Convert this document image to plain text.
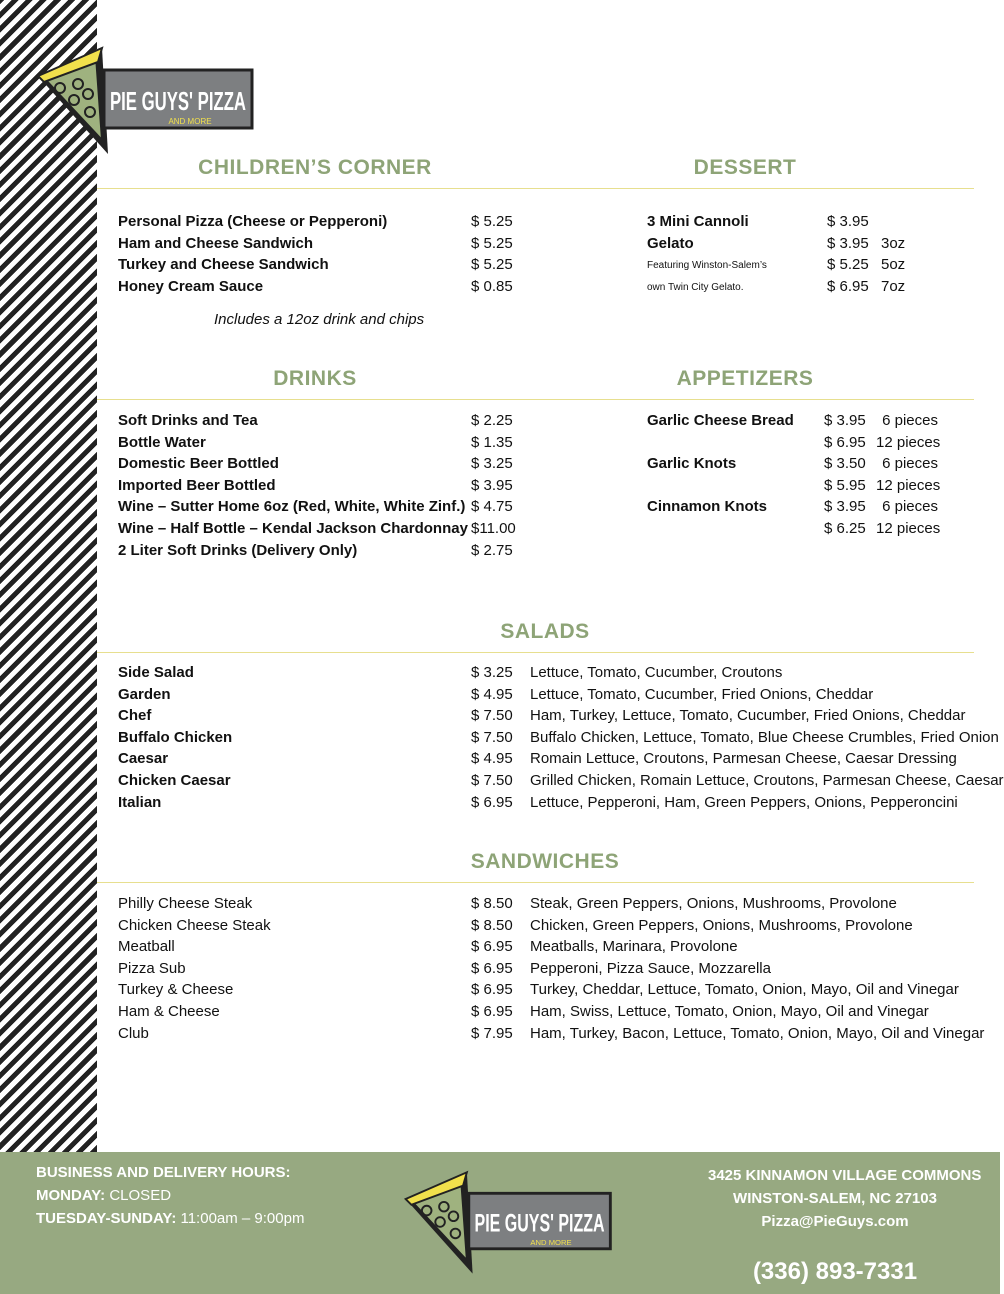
PIE GUYS' PIZZA
AND MORE
CHILDREN’S CORNER	DESSERT
DRINKS	APPETIZERS
SALADS
SANDWICHES
Personal Pizza (Cheese or Pepperoni)	$ 5.25
Ham and Cheese Sandwich	$ 5.25
Turkey and Cheese Sandwich	$ 5.25
Honey Cream Sauce	$ 0.85
3 Mini Cannoli	$ 3.95
Gelato	$ 3.95 3oz
Featuring Winston-Salem’s	$ 5.25 5oz
own Twin City Gelato.	$ 6.95 7oz
Soft Drinks and Tea	$ 2.25
Bottle Water	$ 1.35
Domestic Beer Bottled	$ 3.25
Imported Beer Bottled	$ 3.95
Wine – Sutter Home 6oz (Red, White, White Zinf.) $ 4.75
Wine – Half Bottle – Kendal Jackson Chardonnay $11.00
2 Liter Soft Drinks (Delivery Only)	$ 2.75
Garlic Cheese Bread $ 3.95	6 pieces
$ 6.95 12 pieces
Garlic Knots	$ 3.50	6 pieces
$ 5.95 12 pieces
Cinnamon Knots	$ 3.95	6 pieces
$ 6.25 12 pieces
Side Salad	$ 3.25 Lettuce, Tomato, Cucumber, Croutons
Garden	$ 4.95 Lettuce, Tomato, Cucumber, Fried Onions, Cheddar
Chef	$ 7.50 Ham, Turkey, Lettuce, Tomato, Cucumber, Fried Onions, Cheddar
Buffalo Chicken	$ 7.50 Buffalo Chicken, Lettuce, Tomato, Blue Cheese Crumbles, Fried Onion
Caesar	$ 4.95 Romain Lettuce, Croutons, Parmesan Cheese, Caesar Dressing
Chicken Caesar	$ 7.50 Grilled Chicken, Romain Lettuce, Croutons, Parmesan Cheese, Caesar
Italian	$ 6.95 Lettuce, Pepperoni, Ham, Green Peppers, Onions, Pepperoncini
Philly Cheese Steak	$ 8.50 Steak, Green Peppers, Onions, Mushrooms, Provolone
Chicken Cheese Steak	$ 8.50 Chicken, Green Peppers, Onions, Mushrooms, Provolone
Meatball	$ 6.95 Meatballs, Marinara, Provolone
Pizza Sub	$ 6.95 Pepperoni, Pizza Sauce, Mozzarella
Turkey & Cheese	$ 6.95 Turkey, Cheddar, Lettuce, Tomato, Onion, Mayo, Oil and Vinegar
Ham & Cheese	$ 6.95 Ham, Swiss, Lettuce, Tomato, Onion, Mayo, Oil and Vinegar
Club	$ 7.95 Ham, Turkey, Bacon, Lettuce, Tomato, Onion, Mayo, Oil and Vinegar
Includes a 12oz drink and chips
BUSINESS AND DELIVERY HOURS:
MONDAY: CLOSED
TUESDAY-SUNDAY: 11:00am – 9:00pm	PIE GUYS' PIZZA
AND MORE
3425 KINNAMON VILLAGE COMMONS
WINSTON-SALEM, NC 27103
Pizza@PieGuys.com
(336) 893-7331
